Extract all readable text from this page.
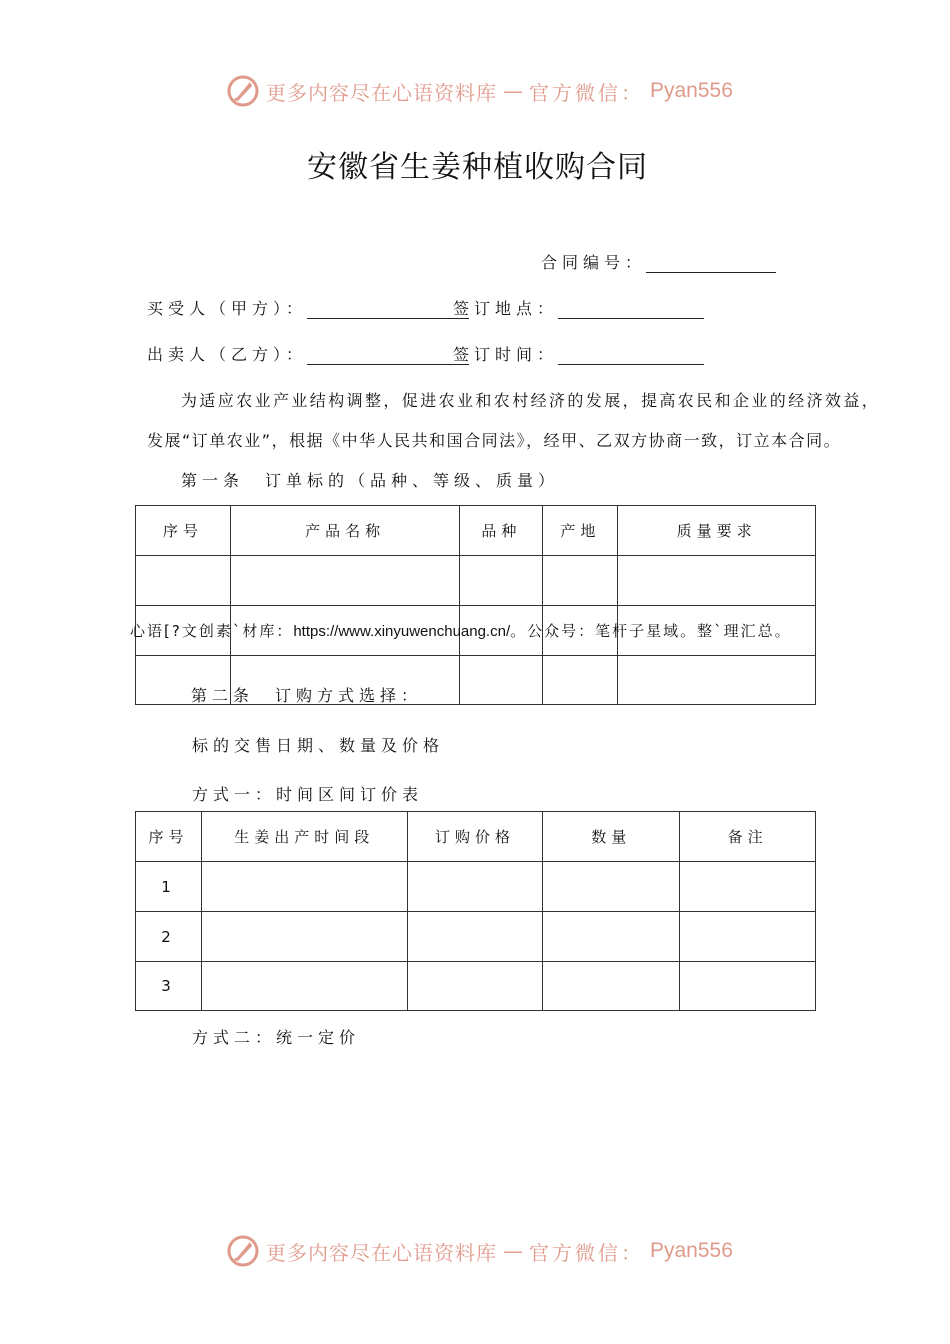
更多内容尽在心语资料库 — 官方微信： Pyan556
安徽省生姜种植收购合同
合同编号：
买受人（甲方）：	签订地点：
出卖人（乙方）：	签订时间：
为适应农业产业结构调整，促进农业和农村经济的发展，提高农民和企业的经济效益，
发展“订单农业”，根据《中华人民共和国合同法》，经甲、乙双方协商一致，订立本合同。
第一条　订单标的（品种、等级、质量）
序号	产品名称	品种	产地	质量要求

心语[?文创素`材库：https://www.xinyuwenchuang.cn/。公众号：笔杆子星域。整`理汇总。
第二条　订购方式选择：
标的交售日期、数量及价格
方式一：时间区间订价表
序号	生姜出产时间段	订购价格	数量	备注
1				
2				
3				
方式二：统一定价
更多内容尽在心语资料库 — 官方微信： Pyan556
